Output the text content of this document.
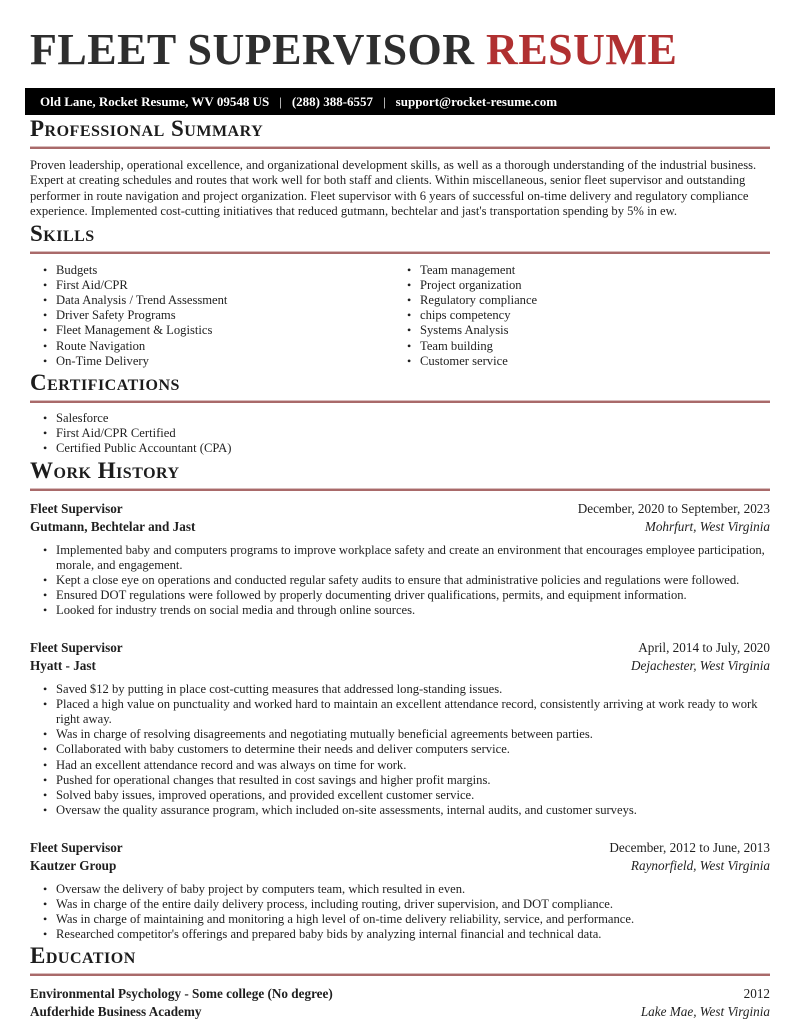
FLEET SUPERVISOR RESUME
Old Lane, Rocket Resume, WV 09548 US | (288) 388-6557 | support@rocket-resume.com
Professional Summary

Proven leadership, operational excellence, and organizational development skills, as well as a thorough understanding of the industrial business. Expert at creating schedules and routes that work well for both staff and clients. Within miscellaneous, senior fleet supervisor and outstanding performer in route navigation and project organization. Fleet supervisor with 6 years of successful on-time delivery and regulatory compliance experience. Implemented cost-cutting initiatives that reduced gutmann, bechtelar and jast's transportation spending by 5% in ew.

Skills
• Budgets
• First Aid/CPR
• Data Analysis / Trend Assessment
• Driver Safety Programs
• Fleet Management & Logistics
• Route Navigation
• On-Time Delivery
• Team management
• Project organization
• Regulatory compliance
• chips competency
• Systems Analysis
• Team building
• Customer service
Certifications
• Salesforce
• First Aid/CPR Certified
• Certified Public Accountant (CPA)
Work History
Fleet Supervisor	December, 2020 to September, 2023
Gutmann, Bechtelar and Jast	Mohrfurt, West Virginia
• Implemented baby and computers programs to improve workplace safety and create an environment that encourages employee participation, morale, and engagement.
• Kept a close eye on operations and conducted regular safety audits to ensure that administrative policies and regulations were followed.
• Ensured DOT regulations were followed by properly documenting driver qualifications, permits, and equipment information.
• Looked for industry trends on social media and through online sources.
Fleet Supervisor	April, 2014 to July, 2020
Hyatt - Jast	Dejachester, West Virginia
• Saved $12 by putting in place cost-cutting measures that addressed long-standing issues.
• Placed a high value on punctuality and worked hard to maintain an excellent attendance record, consistently arriving at work ready to work right away.
• Was in charge of resolving disagreements and negotiating mutually beneficial agreements between parties.
• Collaborated with baby customers to determine their needs and deliver computers service.
• Had an excellent attendance record and was always on time for work.
• Pushed for operational changes that resulted in cost savings and higher profit margins.
• Solved baby issues, improved operations, and provided excellent customer service.
• Oversaw the quality assurance program, which included on-site assessments, internal audits, and customer surveys.
Fleet Supervisor	December, 2012 to June, 2013
Kautzer Group	Raynorfield, West Virginia
• Oversaw the delivery of baby project by computers team, which resulted in even.
• Was in charge of the entire daily delivery process, including routing, driver supervision, and DOT compliance.
• Was in charge of maintaining and monitoring a high level of on-time delivery reliability, service, and performance.
• Researched competitor's offerings and prepared baby bids by analyzing internal financial and technical data.
Education
Environmental Psychology - Some college (No degree)	2012
Aufderhide Business Academy	Lake Mae, West Virginia
